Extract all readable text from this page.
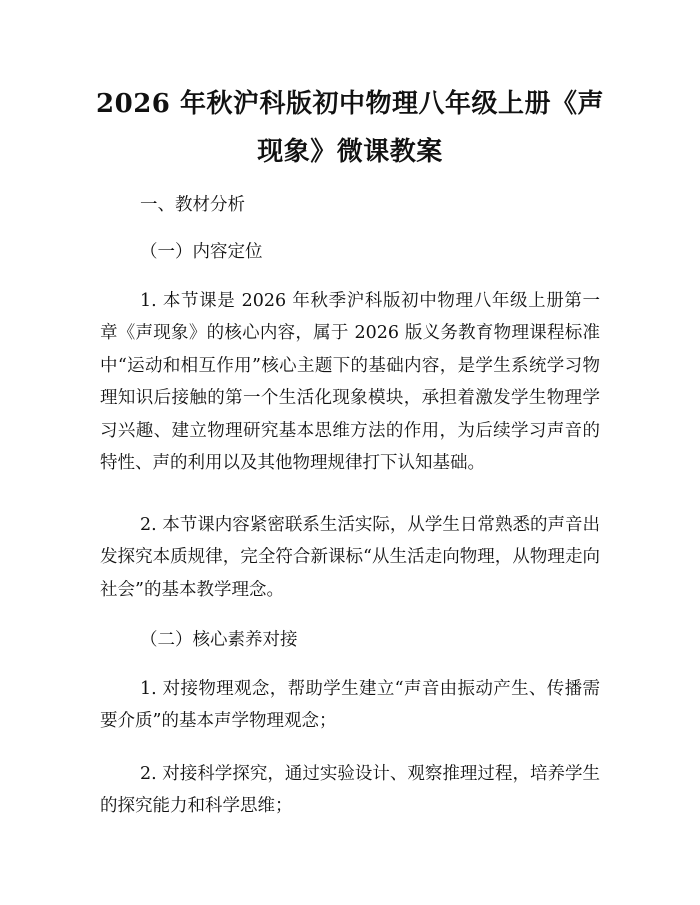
2026 年秋沪科版初中物理八年级上册《声现象》微课教案
一、教材分析
（一）内容定位
1. 本节课是 2026 年秋季沪科版初中物理八年级上册第一章《声现象》的核心内容，属于 2026 版义务教育物理课程标准中“运动和相互作用”核心主题下的基础内容，是学生系统学习物理知识后接触的第一个生活化现象模块，承担着激发学生物理学习兴趣、建立物理研究基本思维方法的作用，为后续学习声音的特性、声的利用以及其他物理规律打下认知基础。
2. 本节课内容紧密联系生活实际，从学生日常熟悉的声音出发探究本质规律，完全符合新课标“从生活走向物理，从物理走向社会”的基本教学理念。
（二）核心素养对接
1. 对接物理观念，帮助学生建立“声音由振动产生、传播需要介质”的基本声学物理观念；
2. 对接科学探究，通过实验设计、观察推理过程，培养学生的探究能力和科学思维；
